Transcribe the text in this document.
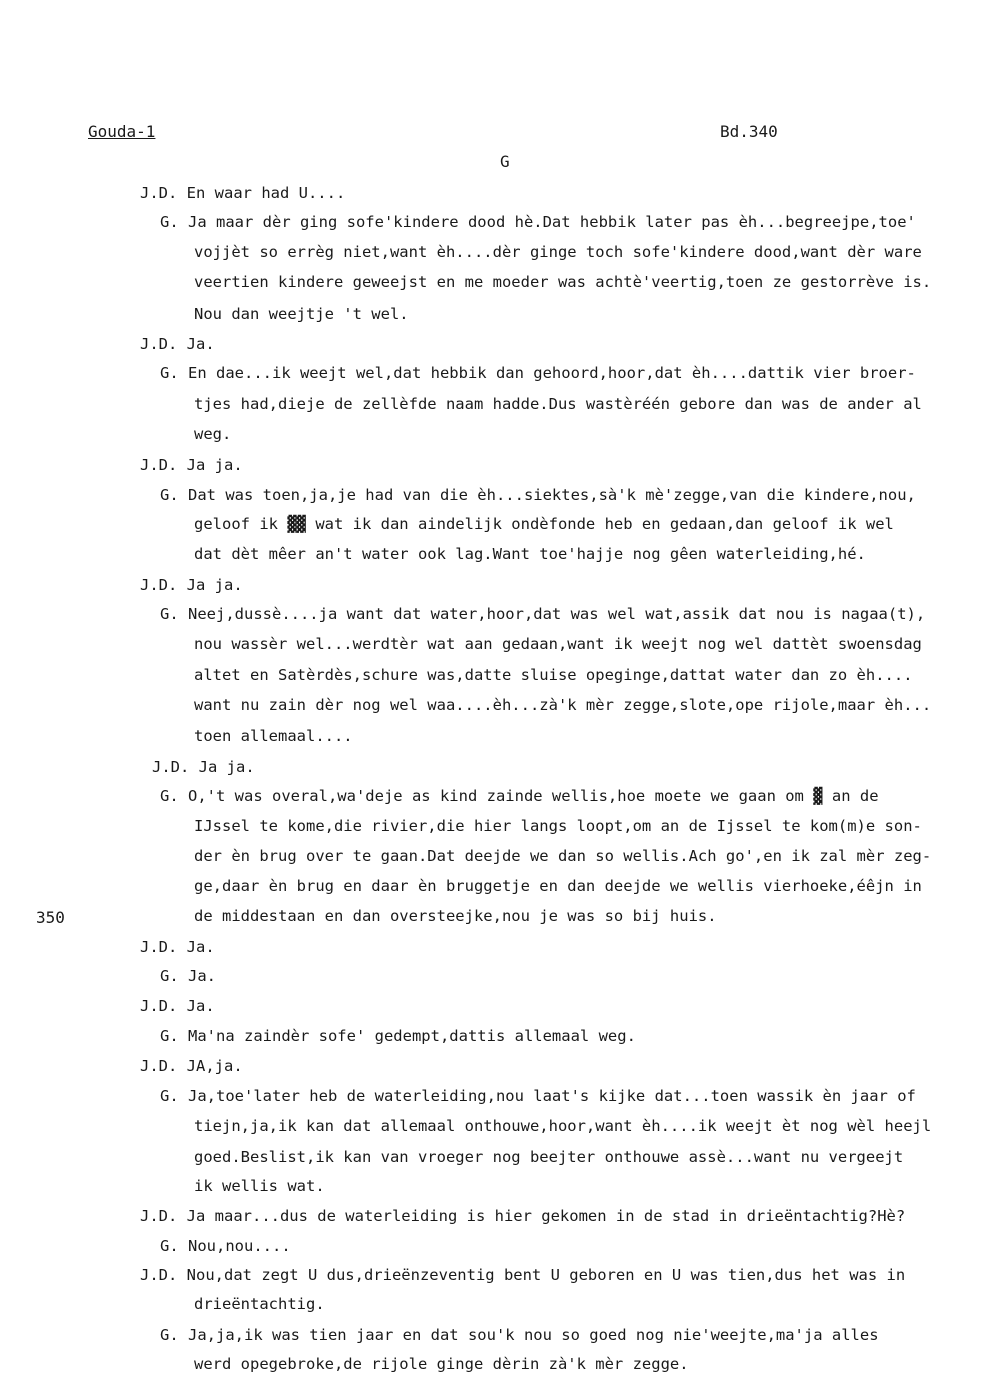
Gouda-1	Bd.340
G
350
J.D. En waar had U....
G. Ja maar dèr ging sofe'kindere dood hè.Dat hebbik later pas èh...begreejpe,toe'
vojjèt so errèg niet,want èh....dèr ginge toch sofe'kindere dood,want dèr ware
veertien kindere geweejst en me moeder was achtè'veertig,toen ze gestorrève is.
Nou dan weejtje 't wel.
J.D. Ja.
G. En dae...ik weejt wel,dat hebbik dan gehoord,hoor,dat èh....dattik vier broer-
tjes had,dieje de zellèfde naam hadde.Dus wastèréén gebore dan was de ander al
weg.
J.D. Ja ja.
G. Dat was toen,ja,je had van die èh...siektes,sà'k mè'zegge,van die kindere,nou,
geloof ik ▓▓ wat ik dan aindelijk ondèfonde heb en gedaan,dan geloof ik wel
dat dèt mêer an't water ook lag.Want toe'hajje nog gêen waterleiding,hé.
J.D. Ja ja.
G. Neej,dussè....ja want dat water,hoor,dat was wel wat,assik dat nou is nagaa(t),
nou wassèr wel...werdtèr wat aan gedaan,want ik weejt nog wel dattèt swoensdag
altet en Satèrdès,schure was,datte sluise opeginge,dattat water dan zo èh....
want nu zain dèr nog wel waa....èh...zà'k mèr zegge,slote,ope rijole,maar èh...
toen allemaal....
J.D. Ja ja.
G. O,'t was overal,wa'deje as kind zainde wellis,hoe moete we gaan om ▓ an de
IJssel te kome,die rivier,die hier langs loopt,om an de Ijssel te kom(m)e son-
der èn brug over te gaan.Dat deejde we dan so wellis.Ach go',en ik zal mèr zeg-
ge,daar èn brug en daar èn bruggetje en dan deejde we wellis vierhoeke,éêjn in
de middestaan en dan oversteejke,nou je was so bij huis.
J.D. Ja.
G. Ja.
J.D. Ja.
G. Ma'na zaindèr sofe' gedempt,dattis allemaal weg.
J.D. JA,ja.
G. Ja,toe'later heb de waterleiding,nou laat's kijke dat...toen wassik èn jaar of
tiejn,ja,ik kan dat allemaal onthouwe,hoor,want èh....ik weejt èt nog wèl heejl
goed.Beslist,ik kan van vroeger nog beejter onthouwe assè...want nu vergeejt
ik wellis wat.
J.D. Ja maar...dus de waterleiding is hier gekomen in de stad in drieëntachtig?Hè?
G. Nou,nou....
J.D. Nou,dat zegt U dus,drieënzeventig bent U geboren en U was tien,dus het was in
drieëntachtig.
G. Ja,ja,ik was tien jaar en dat sou'k nou so goed nog nie'weejte,ma'ja alles
werd opegebroke,de rijole ginge dèrin zà'k mèr zegge.
